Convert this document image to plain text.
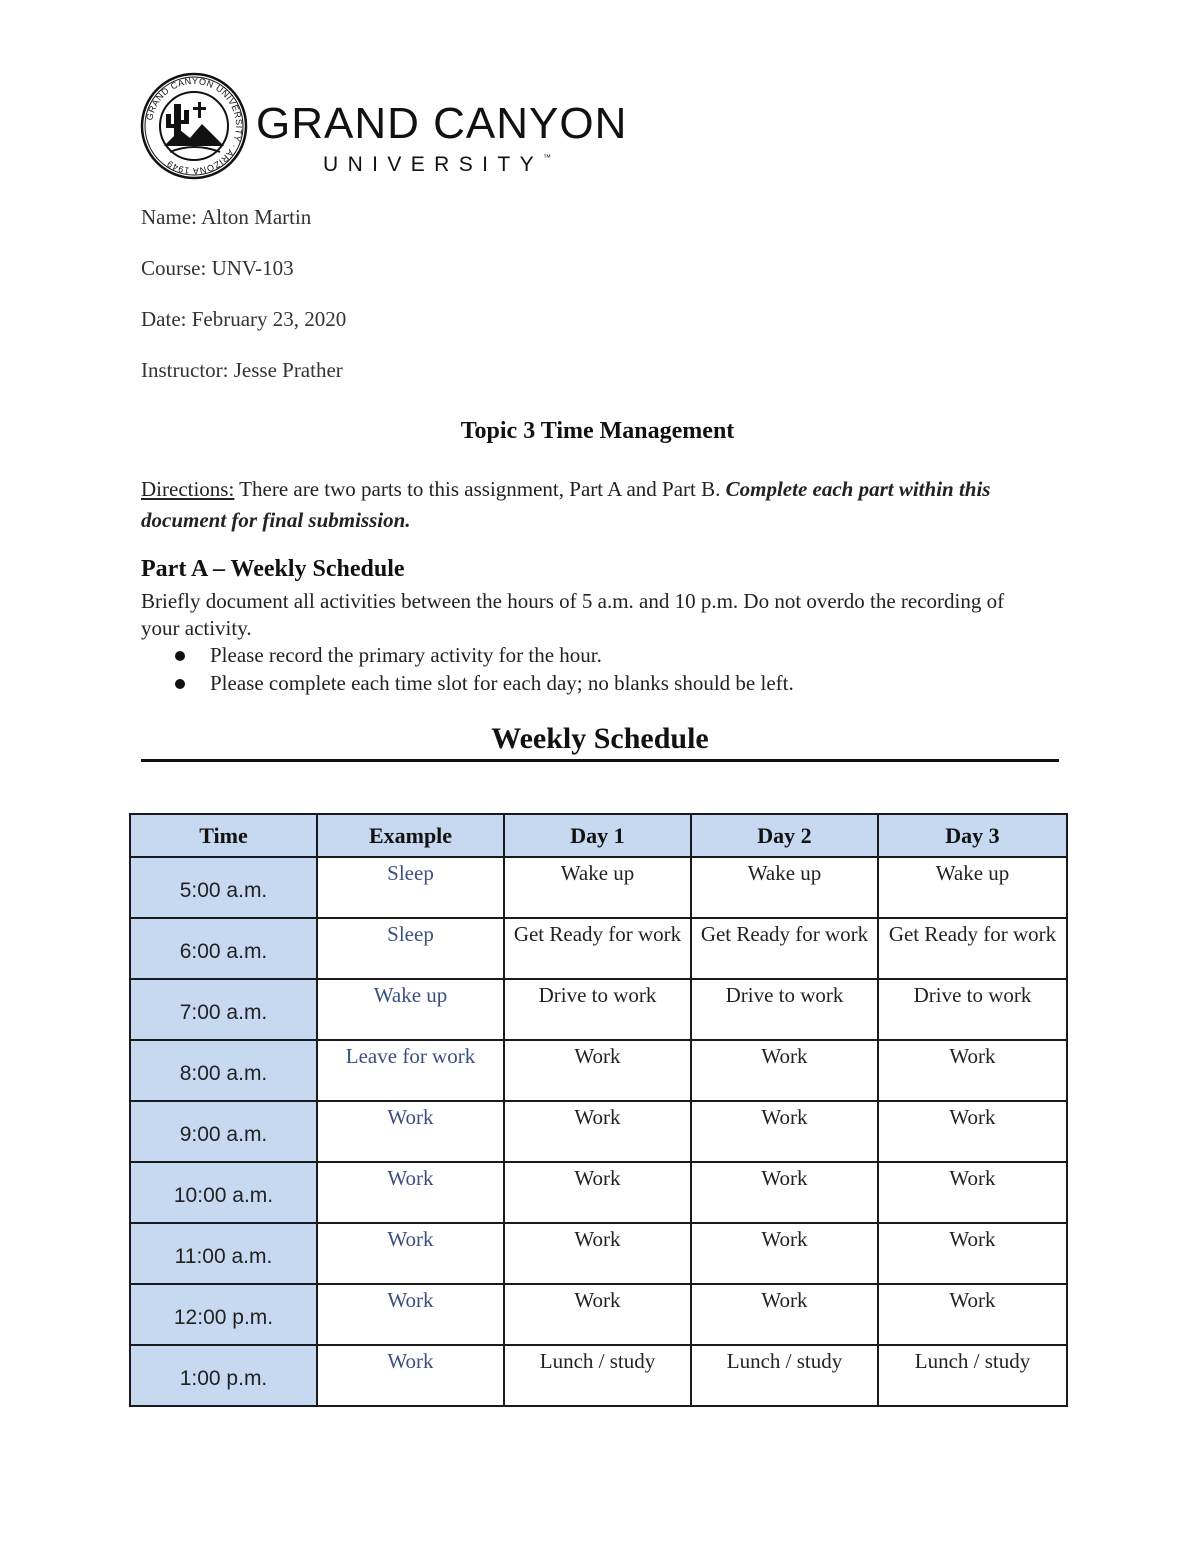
GRAND CANYON UNIVERSITY · ARIZONA 1949
GRAND CANYON
UNIVERSITY™
Name: Alton Martin
Course: UNV-103
Date: February 23, 2020
Instructor: Jesse Prather
Topic 3 Time Management
Directions: There are two parts to this assignment, Part A and Part B. Complete each part within this document for final submission.
Part A – Weekly Schedule
Briefly document all activities between the hours of 5 a.m. and 10 p.m. Do not overdo the recording of your activity.
Please record the primary activity for the hour.
Please complete each time slot for each day; no blanks should be left.
Weekly Schedule
Time	Example	Day 1	Day 2	Day 3
5:00 a.m.	Sleep	Wake up	Wake up	Wake up
6:00 a.m.	Sleep	Get Ready for work	Get Ready for work	Get Ready for work
7:00 a.m.	Wake up	Drive to work	Drive to work	Drive to work
8:00 a.m.	Leave for work	Work	Work	Work
9:00 a.m.	Work	Work	Work	Work
10:00 a.m.	Work	Work	Work	Work
11:00 a.m.	Work	Work	Work	Work
12:00 p.m.	Work	Work	Work	Work
1:00 p.m.	Work	Lunch / study	Lunch / study	Lunch / study
